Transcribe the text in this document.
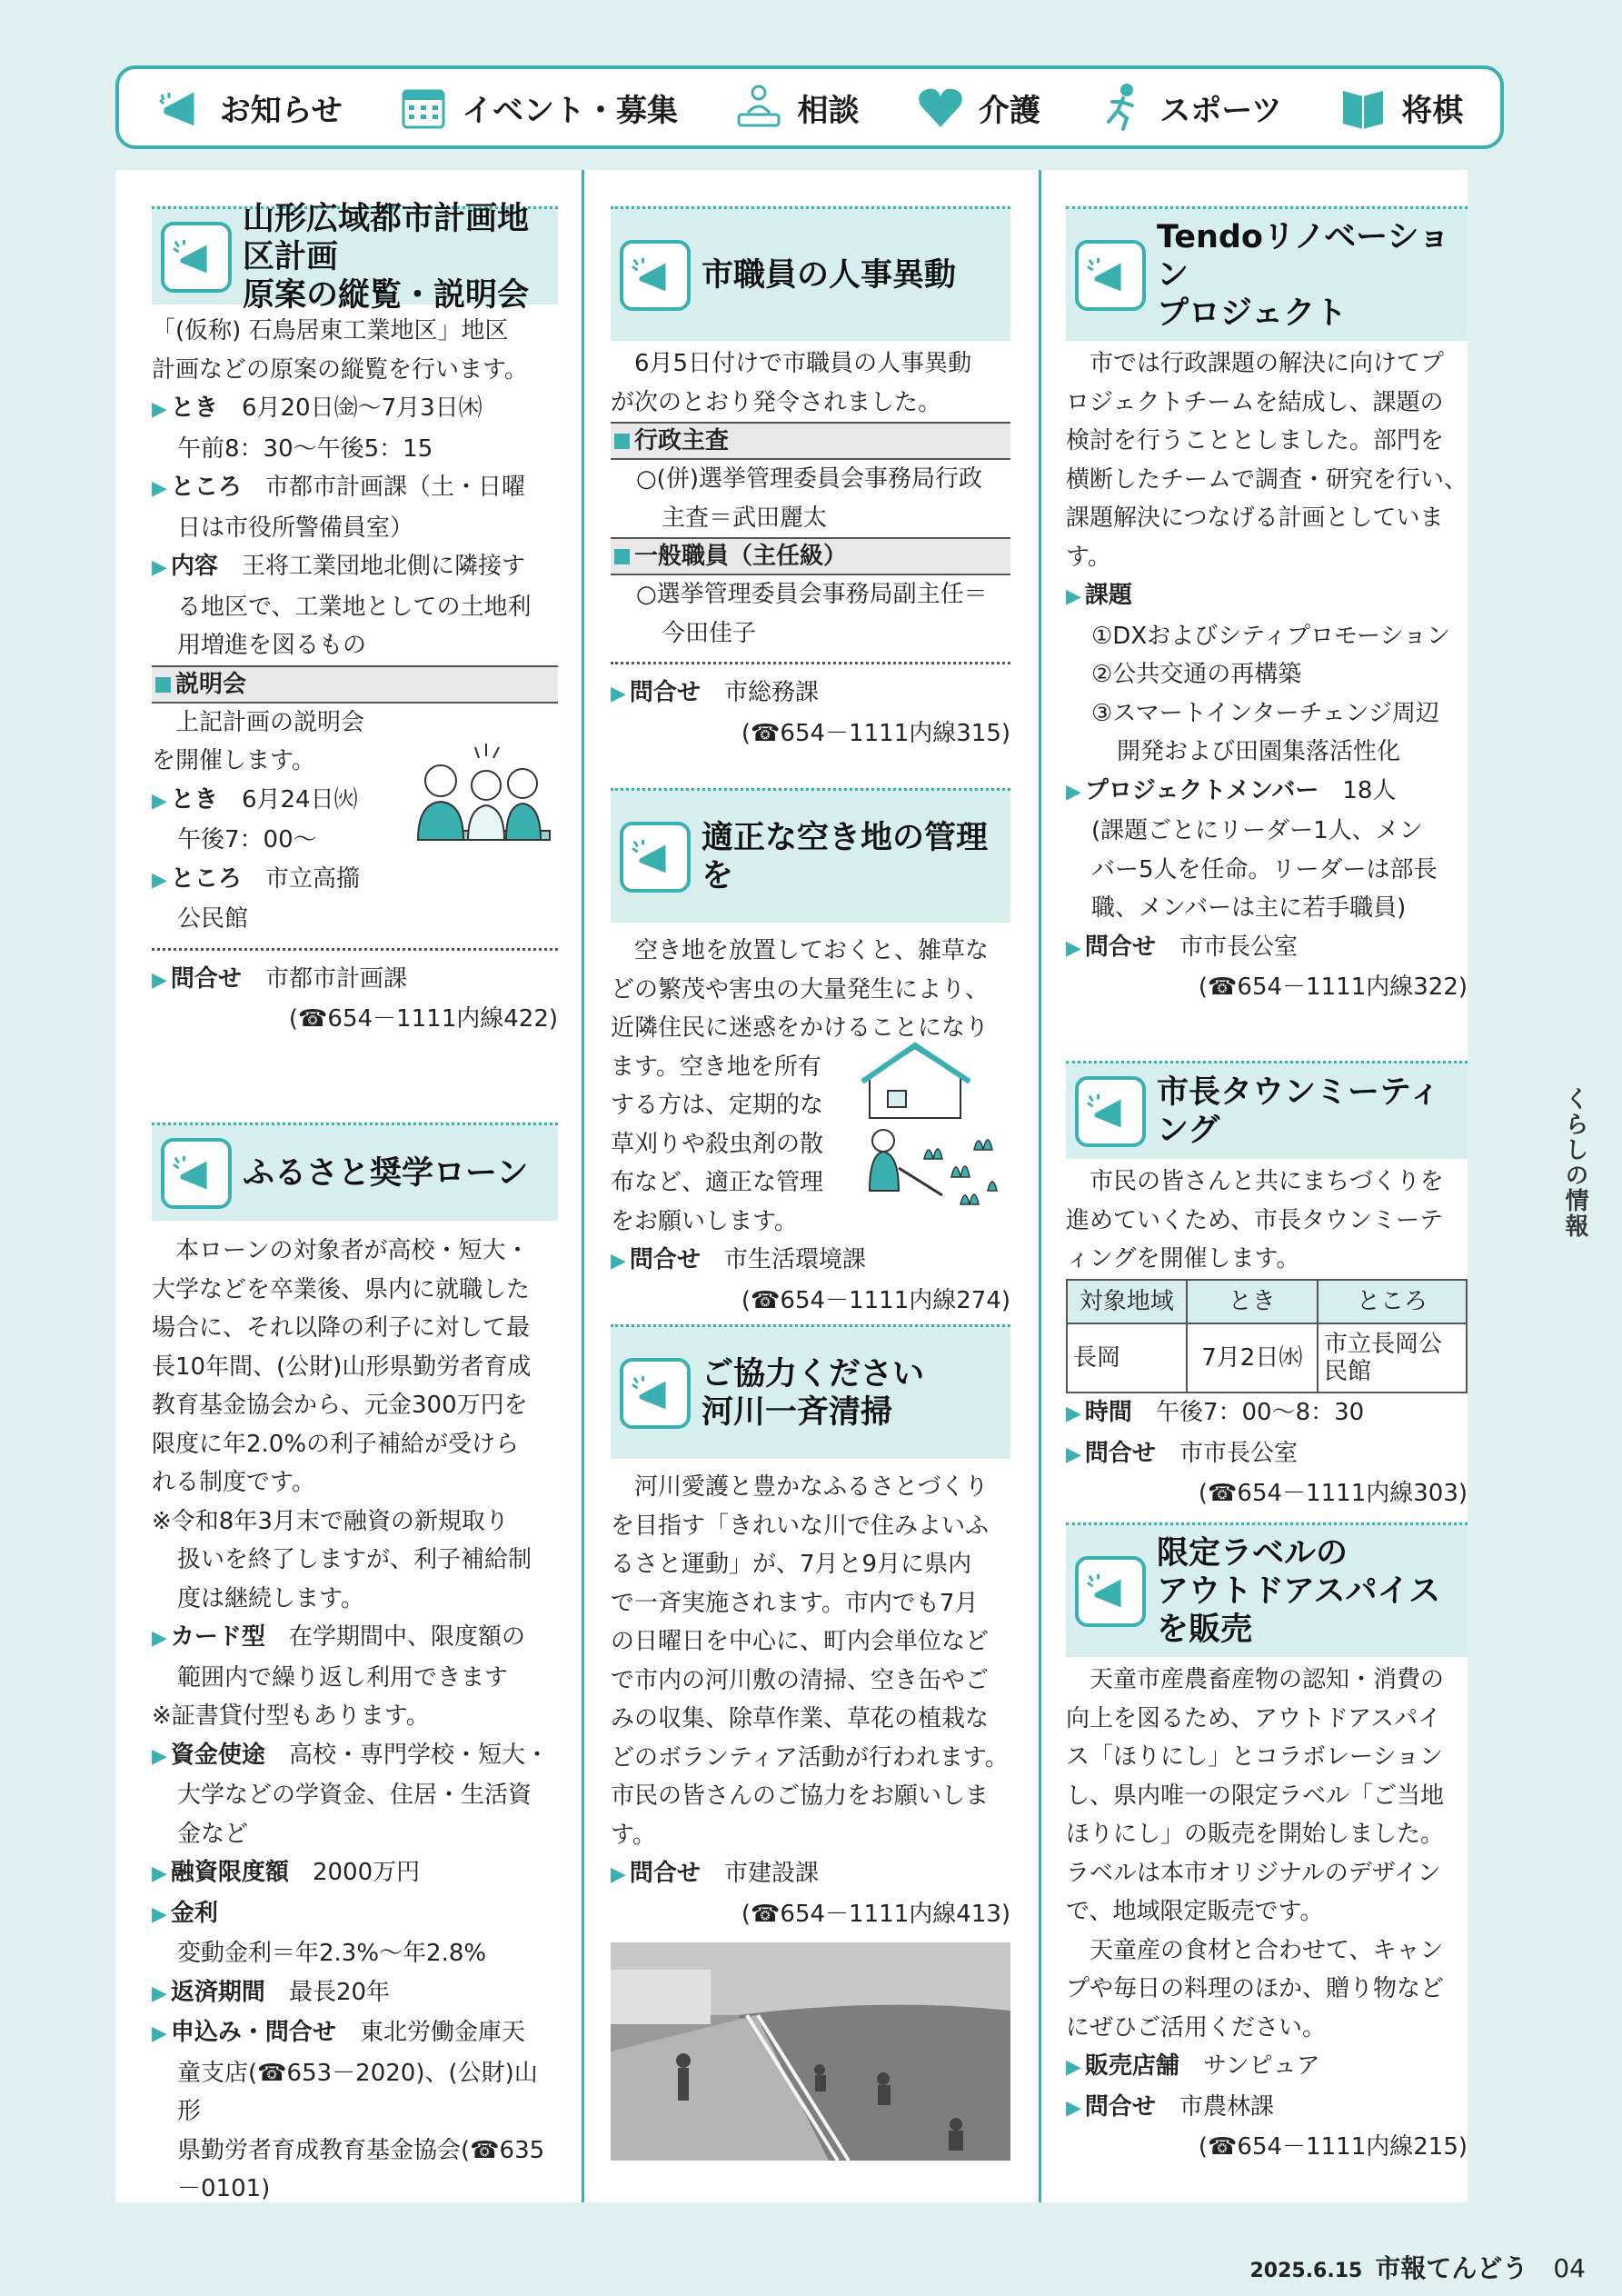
お知らせ	イベント・募集	相談	介護	スポーツ	将棋
山形広域都市計画地区計画
原案の縦覧・説明会
「(仮称) 石鳥居東工業地区」地区
計画などの原案の縦覧を行います。
▶ とき　 6月20日㈮〜7月3日㈭
午前8：30〜午後5：15
▶ ところ　 市都市計画課（土・日曜
日は市役所警備員室）
▶ 内容　 王将工業団地北側に隣接す
る地区で、工業地としての土地利
用増進を図るもの
説明会
上記計画の説明会
を開催します。
▶ とき　 6月24日㈫
午後7：00〜
▶ ところ　 市立高擶
公民館
▶ 問合せ　 市都市計画課
(☎654－1111内線422)
ふるさと奨学ローン
本ローンの対象者が高校・短大・
大学などを卒業後、県内に就職した
場合に、それ以降の利子に対して最
長10年間、(公財)山形県勤労者育成
教育基金協会から、元金300万円を
限度に年2.0%の利子補給が受けら
れる制度です。
※令和8年3月末で融資の新規取り
扱いを終了しますが、利子補給制
度は継続します。
▶ カード型　 在学期間中、限度額の
範囲内で繰り返し利用できます
※証書貸付型もあります。
▶ 資金使途　 高校・専門学校・短大・
大学などの学資金、住居・生活資
金など
▶ 融資限度額　 2000万円
▶ 金利
変動金利＝年2.3%〜年2.8%
▶ 返済期間　 最長20年
▶ 申込み・問合せ　 東北労働金庫天
童支店(☎653－2020)、(公財)山形
県勤労者育成教育基金協会(☎635
－0101)
市職員の人事異動
6月5日付けで市職員の人事異動
が次のとおり発令されました。
行政主査
○(併)選挙管理委員会事務局行政
主査＝武田麗太
一般職員（主任級）
○選挙管理委員会事務局副主任＝
今田佳子
▶ 問合せ　 市総務課
(☎654－1111内線315)
適正な空き地の管理を
空き地を放置しておくと、雑草な
どの繁茂や害虫の大量発生により、
近隣住民に迷惑をかけることになり
ます。空き地を所有
する方は、定期的な
草刈りや殺虫剤の散
布など、適正な管理
をお願いします。
▶ 問合せ　 市生活環境課
(☎654－1111内線274)
ご協力ください
河川一斉清掃
河川愛護と豊かなふるさとづくり
を目指す「きれいな川で住みよいふ
るさと運動」が、7月と9月に県内
で一斉実施されます。市内でも7月
の日曜日を中心に、町内会単位など
で市内の河川敷の清掃、空き缶やご
みの収集、除草作業、草花の植栽な
どのボランティア活動が行われます。
市民の皆さんのご協力をお願いしま
す。
▶ 問合せ　 市建設課
(☎654－1111内線413)
Tendoリノベーション
プロジェクト
市では行政課題の解決に向けてプ
ロジェクトチームを結成し、課題の
検討を行うこととしました。部門を
横断したチームで調査・研究を行い、
課題解決につなげる計画としていま
す。
▶ 課題
①DXおよびシティプロモーション
②公共交通の再構築
③スマートインターチェンジ周辺
開発および田園集落活性化
▶ プロジェクトメンバー　 18人
(課題ごとにリーダー1人、メン
バー5人を任命。リーダーは部長
職、メンバーは主に若手職員)
▶ 問合せ　 市市長公室
(☎654－1111内線322)
市長タウンミーティング
市民の皆さんと共にまちづくりを
進めていくため、市長タウンミーテ
ィングを開催します。
対象地域	とき	ところ
長岡	7月2日㈬	市立長岡公民館
▶ 時間　 午後7：00〜8：30
▶ 問合せ　 市市長公室
(☎654－1111内線303)
限定ラベルの
アウトドアスパイスを販売
天童市産農畜産物の認知・消費の
向上を図るため、アウトドアスパイ
ス「ほりにし」とコラボレーション
し、県内唯一の限定ラベル「ご当地
ほりにし」の販売を開始しました。
ラベルは本市オリジナルのデザイン
で、地域限定販売です。
天童産の食材と合わせて、キャン
プや毎日の料理のほか、贈り物など
にぜひご活用ください。
▶ 販売店舗　 サンピュア
▶ 問合せ　 市農林課
(☎654－1111内線215)
くらしの情報
2025.6.15 市報てんどう 04
